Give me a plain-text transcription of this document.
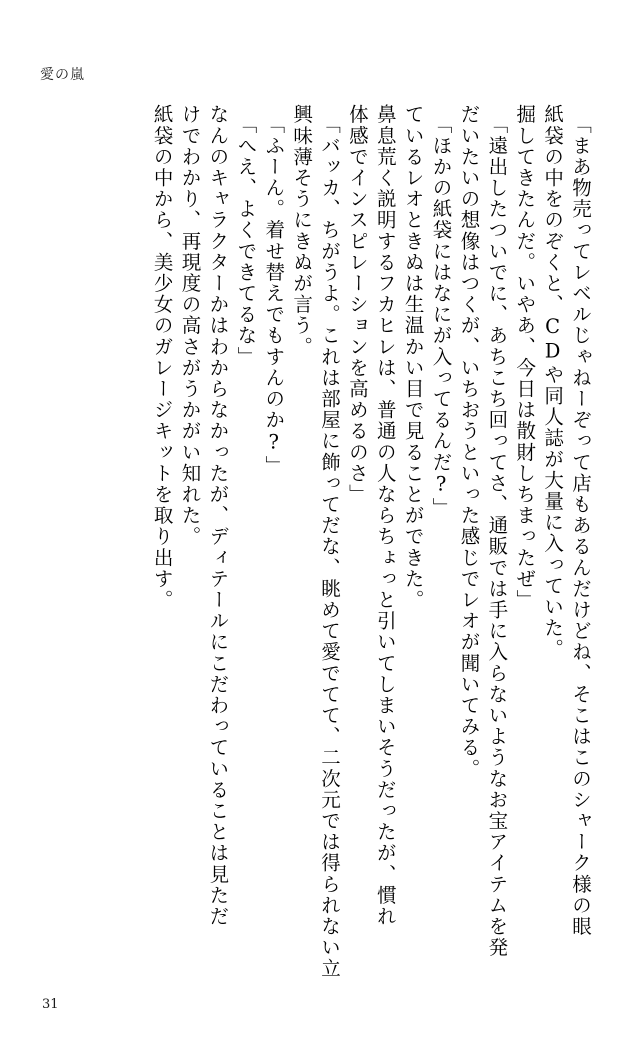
愛の嵐
紙袋の中から、美少女のガレージキットを取り出す。 けでわかり、再現度の高さがうかがい知れた。 なんのキャラクターかはわからなかったが、ディテールにこだわっていることは見ただ 「へえ、よくできてるな」 「ふーん。着せ替えでもすんのか?」 興味薄そうにきぬが言う。 「バッカ、ちがうよ。これは部屋に飾ってだな、眺めて愛でてて、二次元では得られない立 体感でインスピレーションを高めるのさ」 鼻息荒く説明するフカヒレは、普通の人ならちょっと引いてしまいそうだったが、慣れ ているレオときぬは生温かい目で見ることができた。 「ほかの紙袋にはなにが入ってるんだ?」 だいたいの想像はつくが、いちおうといった感じでレオが聞いてみる。 「遠出したついでに、あちこち回ってさ、通販では手に入らないようなお宝アイテムを発 掘してきたんだ。いやあ、今日は散財しちまったぜ」 紙袋の中をのぞくと、CDや同人誌が大量に入っていた。 「まあ物売ってレベルじゃねーぞって店もあるんだけどね、そこはこのシャーク様の眼
31
